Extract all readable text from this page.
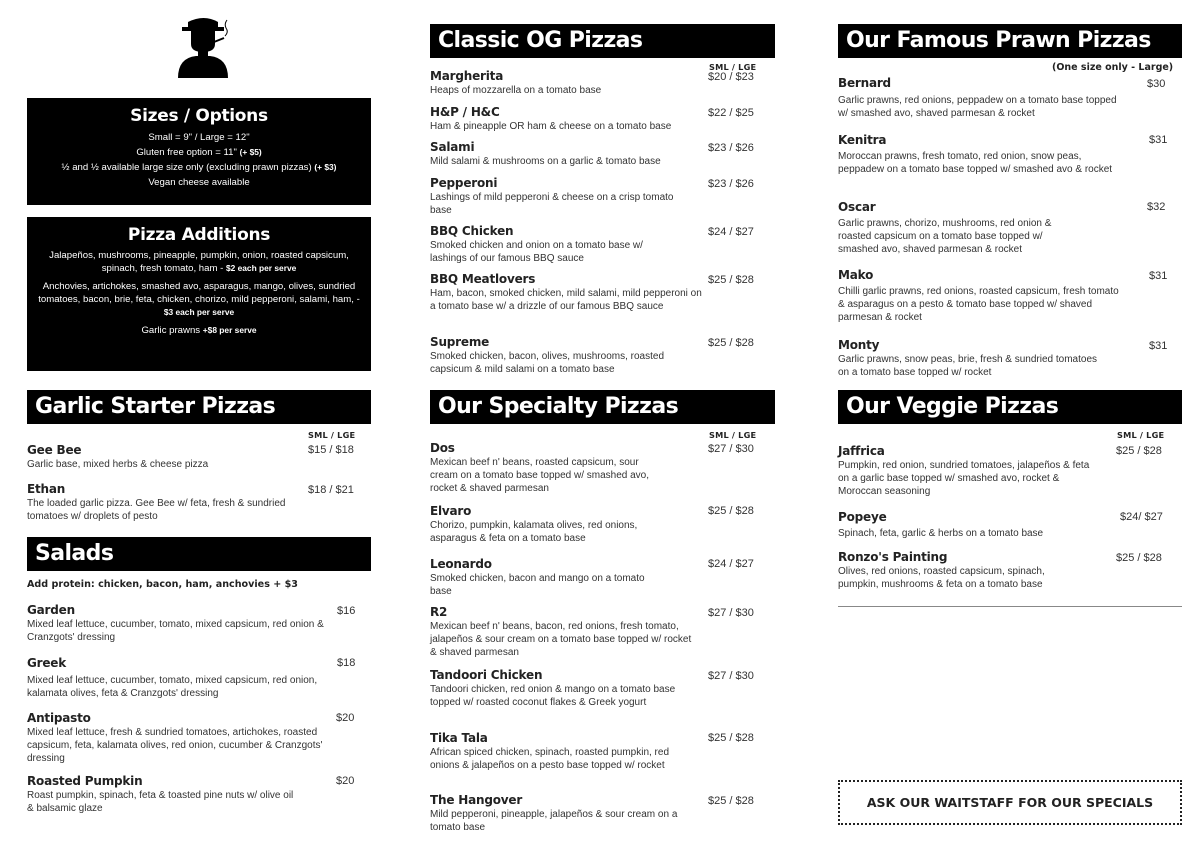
Sizes / Options

Small = 9" / Large = 12"

Gluten free option = 11" (+ $5)

½ and ½ available large size only (excluding prawn pizzas) (+ $3)

Vegan cheese available

Pizza Additions

Jalapeños, mushrooms, pineapple, pumpkin, onion, roasted capsicum, spinach, fresh tomato, ham - $2 each per serve

Anchovies, artichokes, smashed avo, asparagus, mango, olives, sundried tomatoes, bacon, brie, feta, chicken, chorizo, mild pepperoni, salami, ham, - $3 each per serve

Garlic prawns +$8 per serve

Garlic Starter Pizzas
SML / LGE
Gee Bee
Garlic base, mixed herbs & cheese pizza
$15 / $18
Ethan
The loaded garlic pizza. Gee Bee w/ feta, fresh & sundried tomatoes w/ droplets of pesto
$18 / $21
Salads
Add protein: chicken, bacon, ham, anchovies + $3
Garden
Mixed leaf lettuce, cucumber, tomato, mixed capsicum, red onion & Cranzgots' dressing
$16
Greek
Mixed leaf lettuce, cucumber, tomato, mixed capsicum, red onion, kalamata olives, feta & Cranzgots' dressing
$18
Antipasto
Mixed leaf lettuce, fresh & sundried tomatoes, artichokes, roasted capsicum, feta, kalamata olives, red onion, cucumber & Cranzgots' dressing
$20
Roasted Pumpkin
Roast pumpkin, spinach, feta & toasted pine nuts w/ olive oil & balsamic glaze
$20
Classic OG Pizzas
SML / LGE
Margherita
Heaps of mozzarella on a tomato base
$20 / $23
H&P / H&C
Ham & pineapple OR ham & cheese on a tomato base
$22 / $25
Salami
Mild salami & mushrooms on a garlic & tomato base
$23 / $26
Pepperoni
Lashings of mild pepperoni & cheese on a crisp tomato base
$23 / $26
BBQ Chicken
Smoked chicken and onion on a tomato base w/ lashings of our famous BBQ sauce
$24 / $27
BBQ Meatlovers
Ham, bacon, smoked chicken, mild salami, mild pepperoni on a tomato base w/ a drizzle of our famous BBQ sauce
$25 / $28
Supreme
Smoked chicken, bacon, olives, mushrooms, roasted capsicum & mild salami on a tomato base
$25 / $28
Our Specialty Pizzas
SML / LGE
Dos
Mexican beef n' beans, roasted capsicum, sour cream on a tomato base topped w/ smashed avo, rocket & shaved parmesan
$27 / $30
Elvaro
Chorizo, pumpkin, kalamata olives, red onions, asparagus & feta on a tomato base
$25 / $28
Leonardo
Smoked chicken, bacon and mango on a tomato base
$24 / $27
R2
Mexican beef n' beans, bacon, red onions, fresh tomato, jalapeños & sour cream on a tomato base topped w/ rocket & shaved parmesan
$27 / $30
Tandoori Chicken
Tandoori chicken, red onion & mango on a tomato base topped w/ roasted coconut flakes & Greek yogurt
$27 / $30
Tika Tala
African spiced chicken, spinach, roasted pumpkin, red onions & jalapeños on a pesto base topped w/ rocket
$25 / $28
The Hangover
Mild pepperoni, pineapple, jalapeños & sour cream on a tomato base
$25 / $28
Our Famous Prawn Pizzas
(One size only - Large)
Bernard
Garlic prawns, red onions, peppadew on a tomato base topped w/ smashed avo, shaved parmesan & rocket
$30
Kenitra
Moroccan prawns, fresh tomato, red onion, snow peas, peppadew on a tomato base topped w/ smashed avo & rocket
$31
Oscar
Garlic prawns, chorizo, mushrooms, red onion & roasted capsicum on a tomato base topped w/ smashed avo, shaved parmesan & rocket
$32
Mako
Chilli garlic prawns, red onions, roasted capsicum, fresh tomato & asparagus on a pesto & tomato base topped w/ shaved parmesan & rocket
$31
Monty
Garlic prawns, snow peas, brie, fresh & sundried tomatoes on a tomato base topped w/ rocket
$31
Our Veggie Pizzas
SML / LGE
Jaffrica
Pumpkin, red onion, sundried tomatoes, jalapeños & feta on a garlic base topped w/ smashed avo, rocket & Moroccan seasoning
$25 / $28
Popeye
Spinach, feta, garlic & herbs on a tomato base
$24/ $27
Ronzo's Painting
Olives, red onions, roasted capsicum, spinach, pumpkin, mushrooms & feta on a tomato base
$25 / $28
ASK OUR WAITSTAFF FOR OUR SPECIALS
